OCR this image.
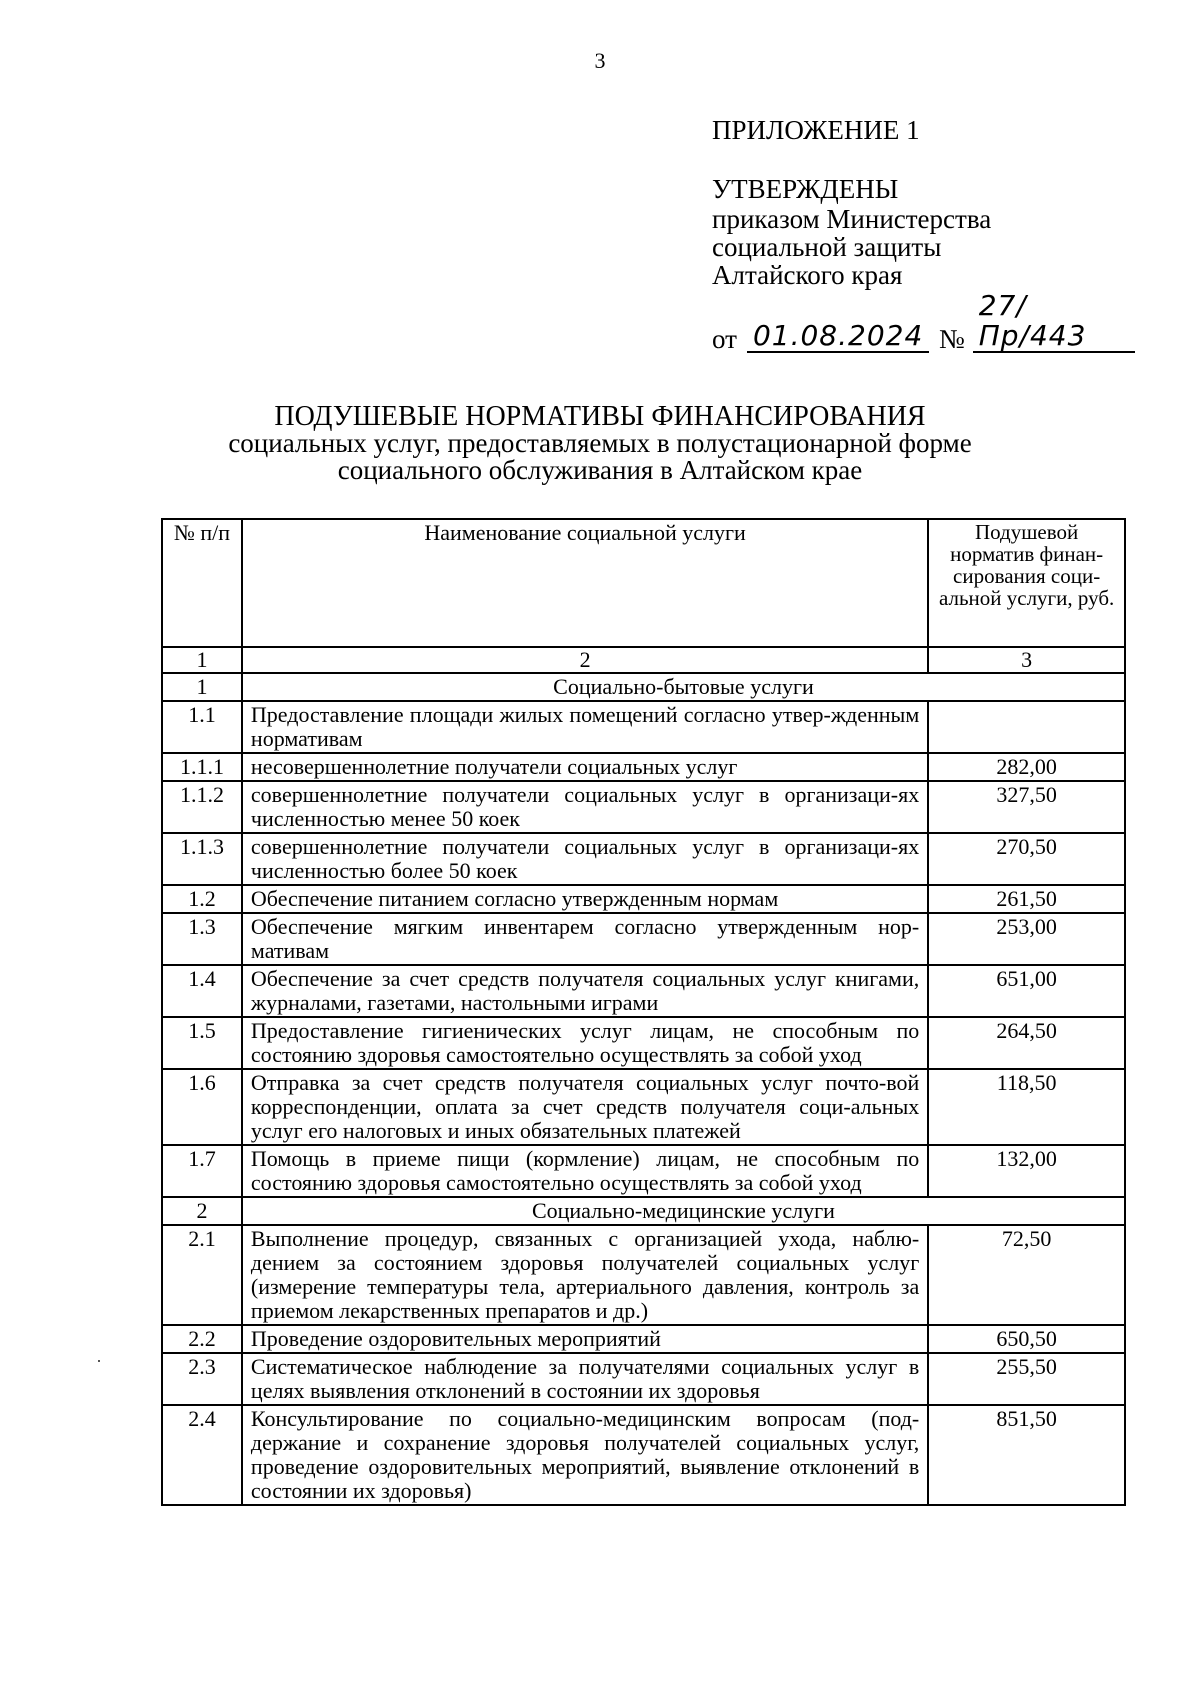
3
ПРИЛОЖЕНИЕ 1
УТВЕРЖДЕНЫ
приказом Министерства
социальной защиты
Алтайского края
от 01.08.2024 №
27/Пр/443
ПОДУШЕВЫЕ НОРМАТИВЫ ФИНАНСИРОВАНИЯ
социальных услуг, предоставляемых в полустационарной форме
социального обслуживания в Алтайском крае
№ п/п	Наименование социальной услуги	Подушевой норматив финан-сирования соци-альной услуги, руб.
1	2	3
1	Социально-бытовые услуги	
1.1	Предоставление площади жилых помещений согласно утвер-жденным нормативам	
1.1.1	несовершеннолетние получатели социальных услуг	282,00
1.1.2	совершеннолетние получатели социальных услуг в организаци-ях численностью менее 50 коек	327,50
1.1.3	совершеннолетние получатели социальных услуг в организаци-ях численностью более 50 коек	270,50
1.2	Обеспечение питанием согласно утвержденным нормам	261,50
1.3	Обеспечение мягким инвентарем согласно утвержденным нор-мативам	253,00
1.4	Обеспечение за счет средств получателя социальных услуг книгами, журналами, газетами, настольными играми	651,00
1.5	Предоставление гигиенических услуг лицам, не способным по состоянию здоровья самостоятельно осуществлять за собой уход	264,50
1.6	Отправка за счет средств получателя социальных услуг почто-вой корреспонденции, оплата за счет средств получателя соци-альных услуг его налоговых и иных обязательных платежей	118,50
1.7	Помощь в приеме пищи (кормление) лицам, не способным по состоянию здоровья самостоятельно осуществлять за собой уход	132,00
2	Социально-медицинские услуги	
2.1	Выполнение процедур, связанных с организацией ухода, наблю-дением за состоянием здоровья получателей социальных услуг (измерение температуры тела, артериального давления, контроль за приемом лекарственных препаратов и др.)	72,50
2.2	Проведение оздоровительных мероприятий	650,50
2.3	Систематическое наблюдение за получателями социальных услуг в целях выявления отклонений в состоянии их здоровья	255,50
2.4	Консультирование по социально-медицинским вопросам (под-держание и сохранение здоровья получателей социальных услуг, проведение оздоровительных мероприятий, выявление отклонений в состоянии их здоровья)	851,50
